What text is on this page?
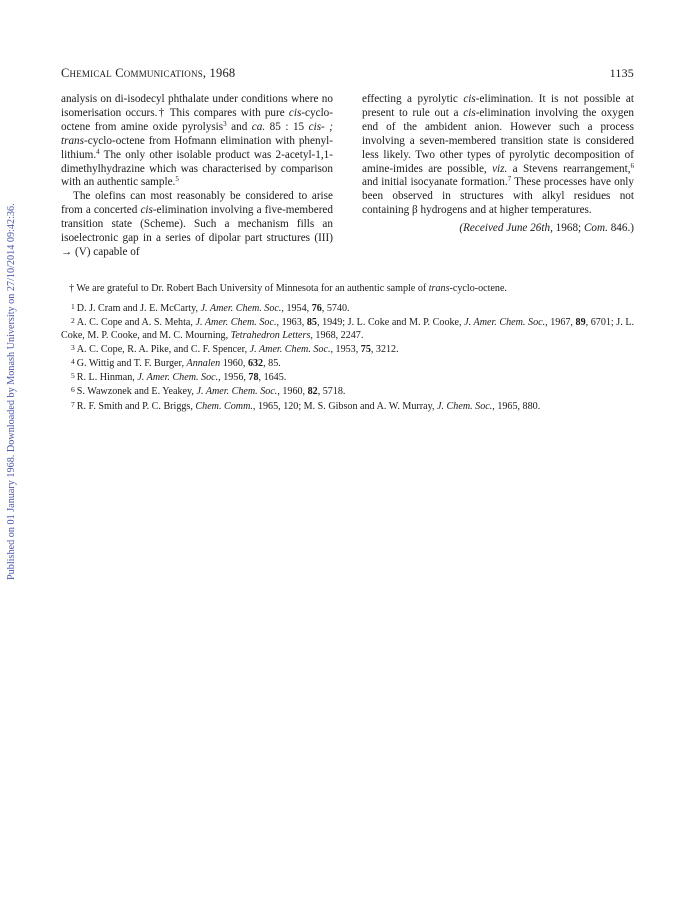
Published on 01 January 1968. Downloaded by Monash University on 27/10/2014 09:42:36.
Chemical Communications, 1968	1135

analysis on di-isodecyl phthalate under conditions where no isomerisation occurs.† This compares with pure cis-cyclo-octene from amine oxide pyrolysis$^3$ and ca. 85 : 15 cis- ; trans-cyclo-octene from Hofmann elimination with phenyl-lithium.$^4$ The only other isolable product was 2-acetyl-1,1-dimethylhydrazine which was characterised by comparison with an authentic sample.$^5$

The olefins can most reasonably be considered to arise from a concerted cis-elimination involving a five-membered transition state (Scheme). Such a mechanism fills an isoelectronic gap in a series of dipolar part structures (III) → (V) capable of

effecting a pyrolytic cis-elimination. It is not possible at present to rule out a cis-elimination involving the oxygen end of the ambident anion. However such a process involving a seven-membered transition state is considered less likely. Two other types of pyrolytic decomposition of amine-imides are possible, viz. a Stevens rearrangement,$^6$ and initial isocyanate formation.$^7$ These processes have only been observed in structures with alkyl residues not containing β hydrogens and at higher temperatures.

(Received June 26th, 1968; Com. 846.)

† We are grateful to Dr. Robert Bach University of Minnesota for an authentic sample of trans-cyclo-octene.

1 D. J. Cram and J. E. McCarty, J. Amer. Chem. Soc., 1954, 76, 5740.

2 A. C. Cope and A. S. Mehta, J. Amer. Chem. Soc., 1963, 85, 1949; J. L. Coke and M. P. Cooke, J. Amer. Chem. Soc., 1967, 89, 6701; J. L. Coke, M. P. Cooke, and M. C. Mourning, Tetrahedron Letters, 1968, 2247.

3 A. C. Cope, R. A. Pike, and C. F. Spencer, J. Amer. Chem. Soc., 1953, 75, 3212.

4 G. Wittig and T. F. Burger, Annalen 1960, 632, 85.

5 R. L. Hinman, J. Amer. Chem. Soc., 1956, 78, 1645.

6 S. Wawzonek and E. Yeakey, J. Amer. Chem. Soc., 1960, 82, 5718.

7 R. F. Smith and P. C. Briggs, Chem. Comm., 1965, 120; M. S. Gibson and A. W. Murray, J. Chem. Soc., 1965, 880.
